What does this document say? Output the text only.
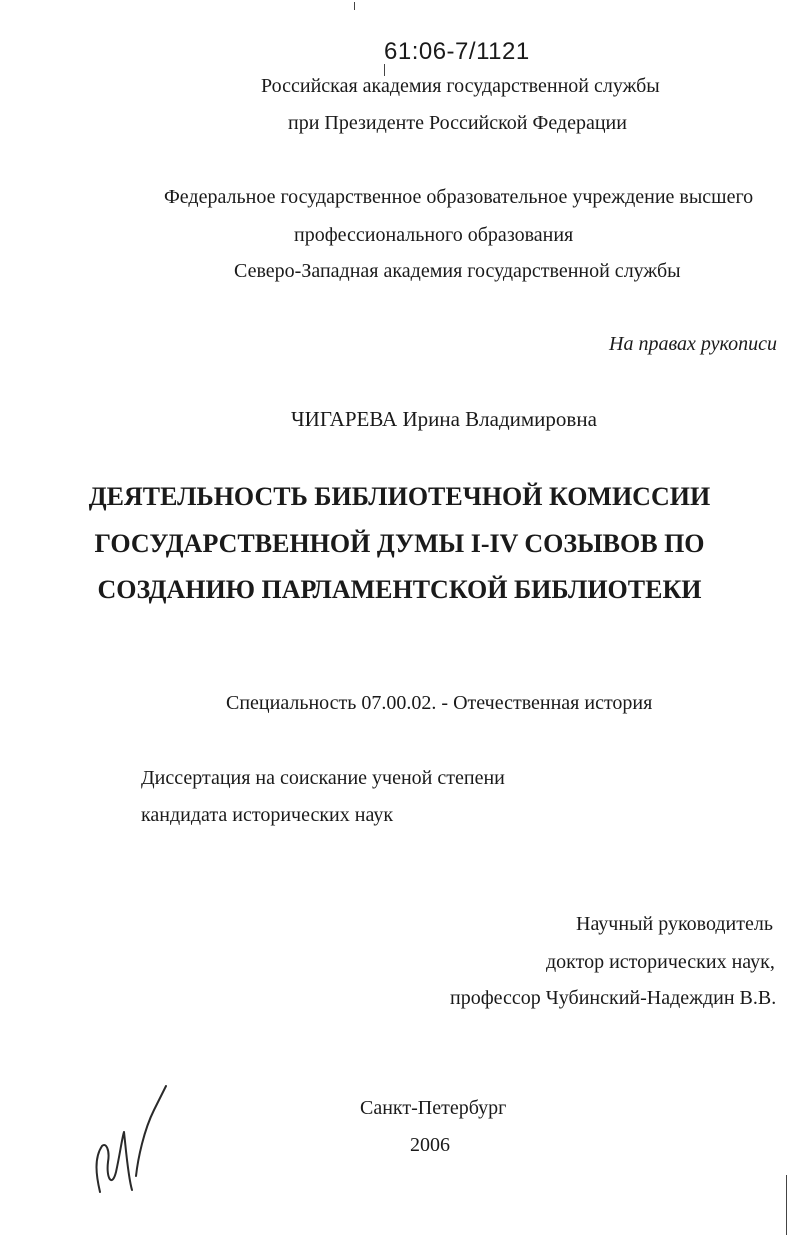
61:06-7/1121
Российская академия государственной службы
при Президенте Российской Федерации
Федеральное государственное образовательное учреждение высшего
профессионального образования
Северо-Западная академия государственной службы
На правах рукописи
ЧИГАРЕВА Ирина Владимировна
ДЕЯТЕЛЬНОСТЬ БИБЛИОТЕЧНОЙ КОМИССИИ
ГОСУДАРСТВЕННОЙ ДУМЫ I-IV СОЗЫВОВ ПО
СОЗДАНИЮ ПАРЛАМЕНТСКОЙ БИБЛИОТЕКИ
Специальность 07.00.02. - Отечественная история
Диссертация на соискание ученой степени
кандидата исторических наук
Научный руководитель
доктор исторических наук,
профессор Чубинский-Надеждин В.В.
Санкт-Петербург
2006
